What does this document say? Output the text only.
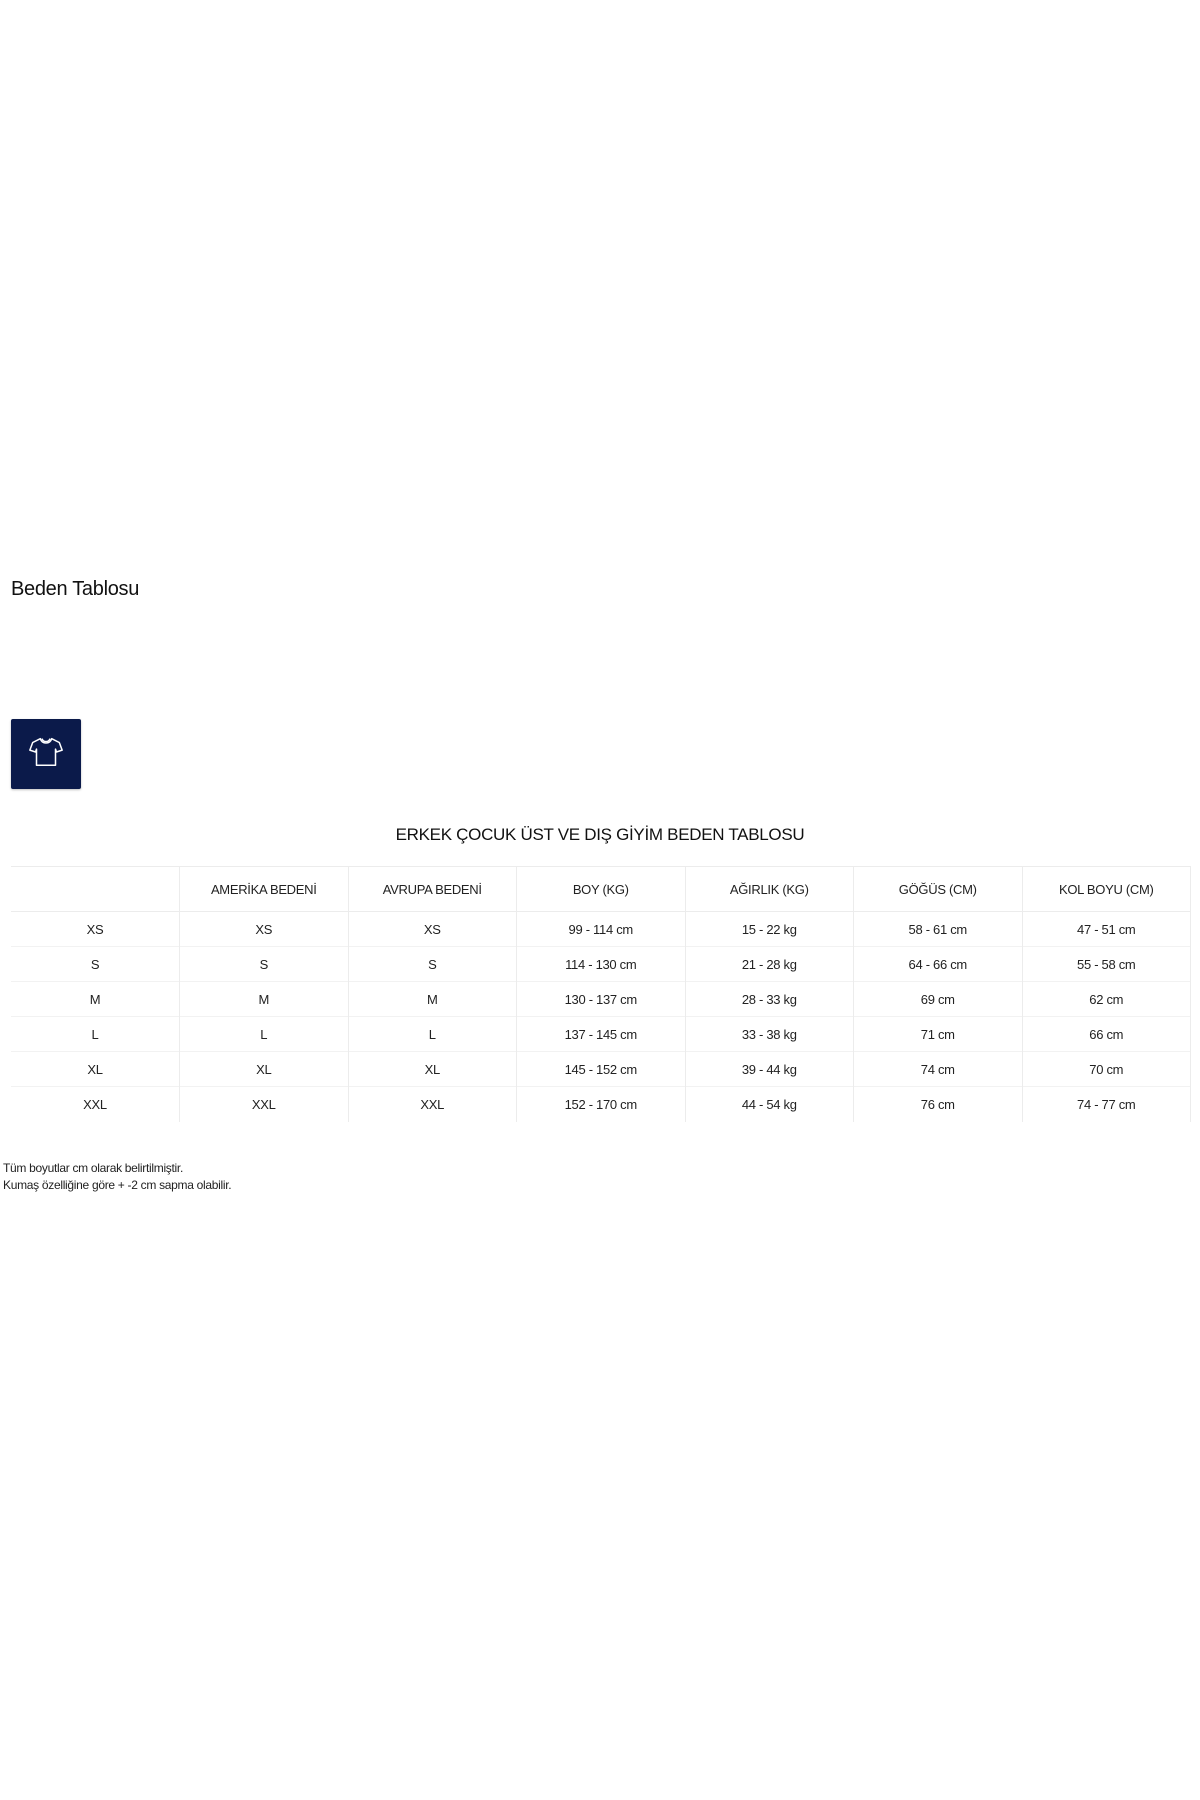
Beden Tablosu
ERKEK ÇOCUK ÜST VE DIŞ GİYİM BEDEN TABLOSU
	AMERİKA BEDENİ	AVRUPA BEDENİ	BOY (KG)	AĞIRLIK (KG)	GÖĞÜS (CM)	KOL BOYU (CM)
XS	XS	XS	99 - 114 cm	15 - 22 kg	58 - 61 cm	47 - 51 cm
S	S	S	114 - 130 cm	21 - 28 kg	64 - 66 cm	55 - 58 cm
M	M	M	130 - 137 cm	28 - 33 kg	69 cm	62 cm
L	L	L	137 - 145 cm	33 - 38 kg	71 cm	66 cm
XL	XL	XL	145 - 152 cm	39 - 44 kg	74 cm	70 cm
XXL	XXL	XXL	152 - 170 cm	44 - 54 kg	76 cm	74 - 77 cm
Tüm boyutlar cm olarak belirtilmiştir.
Kumaş özelliğine göre + -2 cm sapma olabilir.
